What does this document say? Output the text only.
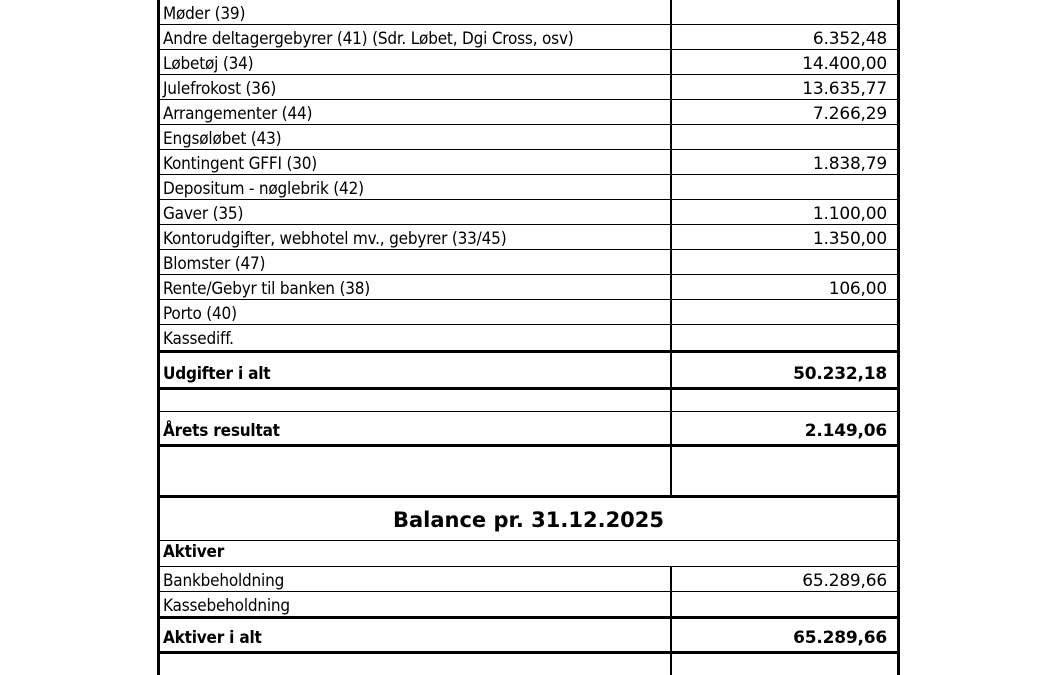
Møder (39)
Andre deltagergebyrer (41) (Sdr. Løbet, Dgi Cross, osv)	6.352,48
Løbetøj (34)	14.400,00
Julefrokost (36)	13.635,77
Arrangementer (44)	7.266,29
Engsøløbet (43)
Kontingent GFFI (30)	1.838,79
Depositum - nøglebrik (42)
Gaver (35)	1.100,00
Kontorudgifter, webhotel mv., gebyrer (33/45)	1.350,00
Blomster (47)
Rente/Gebyr til banken (38)	106,00
Porto (40)
Kassediff.
Udgifter i alt	50.232,18
Årets resultat	2.149,06
Balance pr. 31.12.2025
Aktiver
Bankbeholdning	65.289,66
Kassebeholdning
Aktiver i alt	65.289,66
